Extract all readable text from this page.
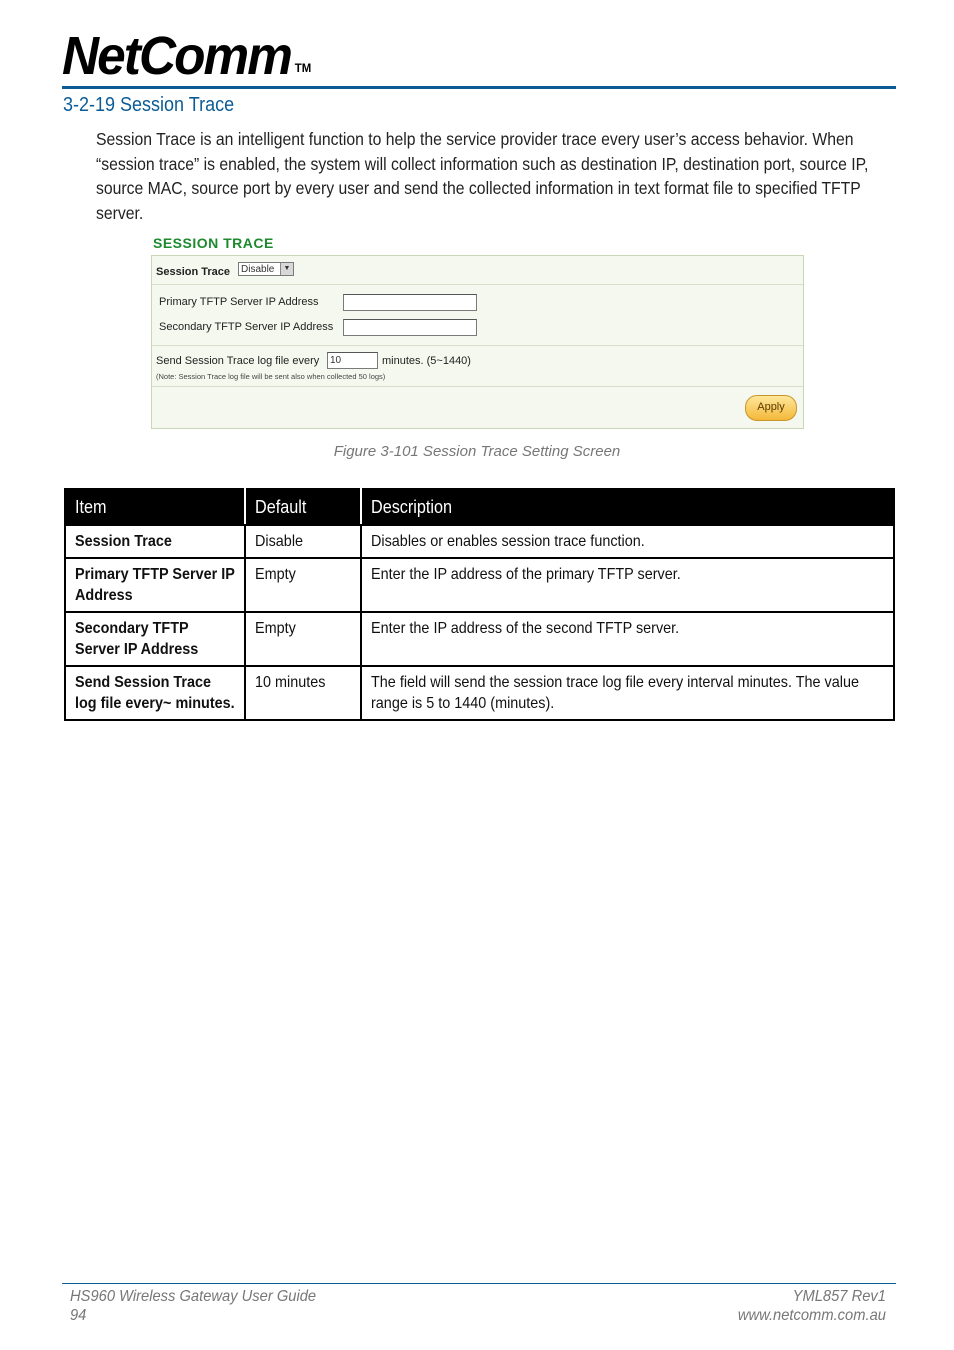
NetComm ™
3-2-19 Session Trace

Session Trace is an intelligent function to help the service provider trace every user’s access behavior. When “session trace” is enabled, the system will collect information such as destination IP, destination port, source IP, source MAC, source port by every user and send the collected information in text format file to specified TFTP server.

SESSION TRACE
Session Trace	Disable	▼
Primary TFTP Server IP Address
Secondary TFTP Server IP Address
Send Session Trace log file every	10	minutes. (5~1440)
(Note: Session Trace log file will be sent also when collected 50 logs)
Apply
Figure 3-101 Session Trace Setting Screen
Item	Default	Description
Session Trace	Disable	Disables or enables session trace function.
Primary TFTP Server IP Address	Empty	Enter the IP address of the primary TFTP server.
Secondary TFTP Server IP Address	Empty	Enter the IP address of the second TFTP server.
Send Session Trace log file every~ minutes.	10 minutes	The field will send the session trace log file every interval minutes. The value range is 5 to 1440 (minutes).
HS960 Wireless Gateway User Guide
94
YML857 Rev1
www.netcomm.com.au
